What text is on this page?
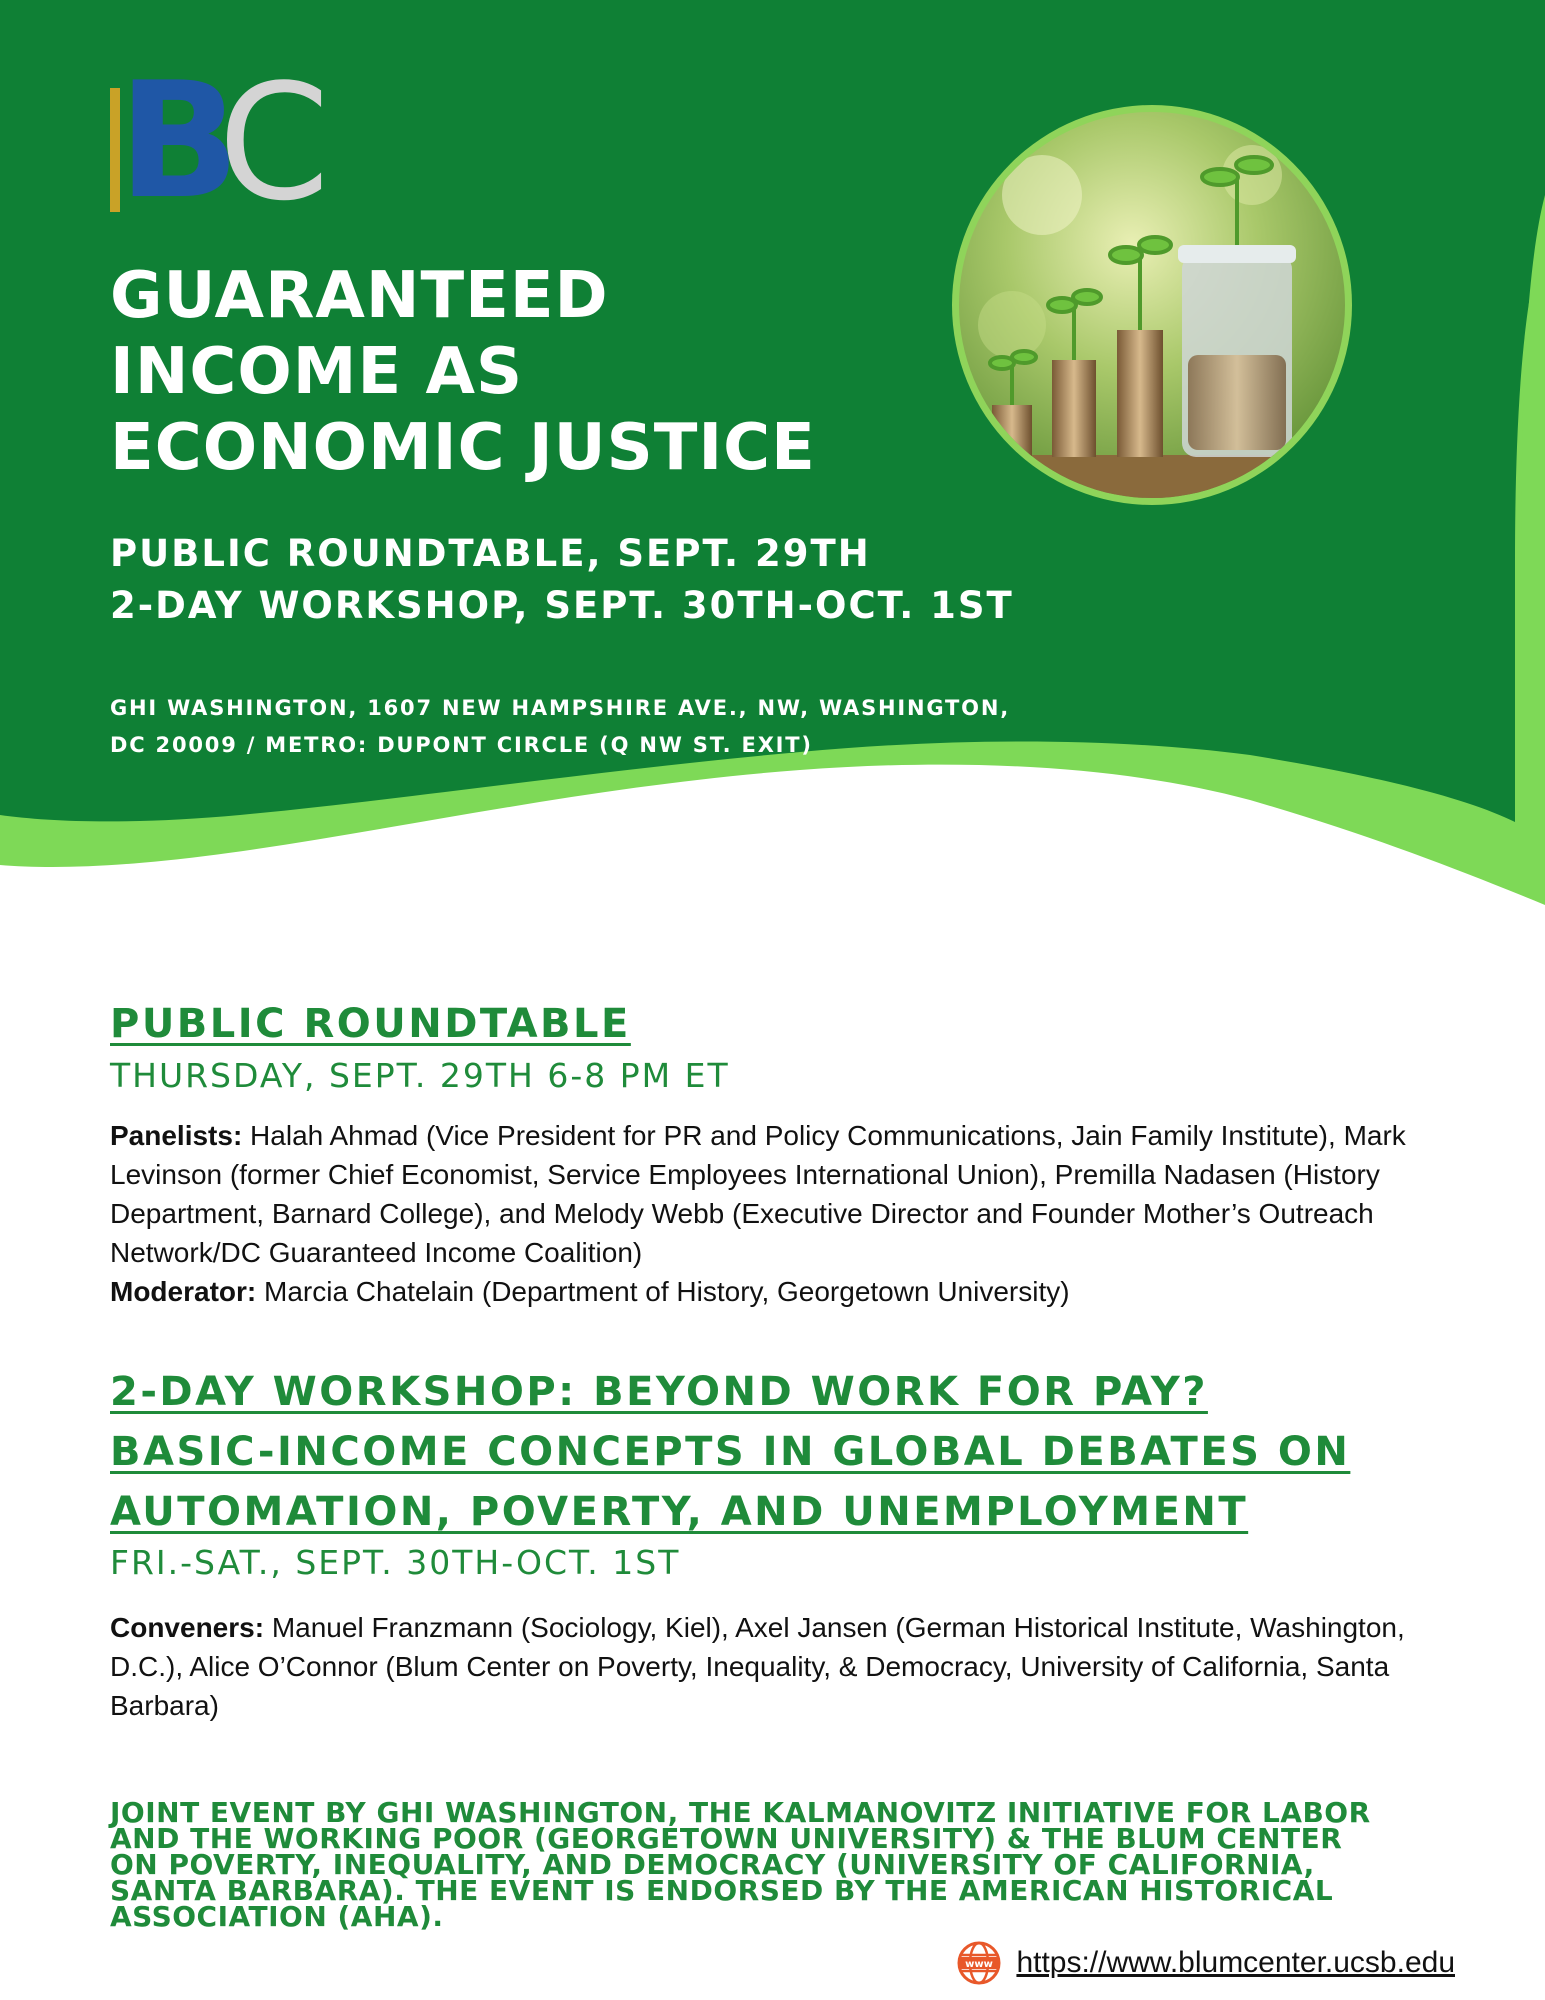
B
C
GUARANTEED
INCOME AS
ECONOMIC JUSTICE
PUBLIC ROUNDTABLE, SEPT. 29TH
2-DAY WORKSHOP, SEPT. 30TH-OCT. 1ST
GHI WASHINGTON, 1607 NEW HAMPSHIRE AVE., NW, WASHINGTON,
DC 20009 / METRO: DUPONT CIRCLE (Q NW ST. EXIT)
PUBLIC ROUNDTABLE

THURSDAY, SEPT. 29TH 6-8 PM ET

Panelists: Halah Ahmad (Vice President for PR and Policy Communications, Jain Family Institute), Mark Levinson (former Chief Economist, Service Employees International Union), Premilla Nadasen (History Department, Barnard College), and Melody Webb (Executive Director and Founder Mother’s Outreach Network/DC Guaranteed Income Coalition)
Moderator: Marcia Chatelain (Department of History, Georgetown University)

2-DAY WORKSHOP: BEYOND WORK FOR PAY?
BASIC-INCOME CONCEPTS IN GLOBAL DEBATES ON
AUTOMATION, POVERTY, AND UNEMPLOYMENT

FRI.-SAT., SEPT. 30TH-OCT. 1ST

Conveners: Manuel Franzmann (Sociology, Kiel), Axel Jansen (German Historical Institute, Washington, D.C.), Alice O’Connor (Blum Center on Poverty, Inequality, & Democracy, University of California, Santa Barbara)

JOINT EVENT BY GHI WASHINGTON, THE KALMANOVITZ INITIATIVE FOR LABOR
AND THE WORKING POOR (GEORGETOWN UNIVERSITY) & THE BLUM CENTER
ON POVERTY, INEQUALITY, AND DEMOCRACY (UNIVERSITY OF CALIFORNIA,
SANTA BARBARA). THE EVENT IS ENDORSED BY THE AMERICAN HISTORICAL
ASSOCIATION (AHA).
www https://www.blumcenter.ucsb.edu
